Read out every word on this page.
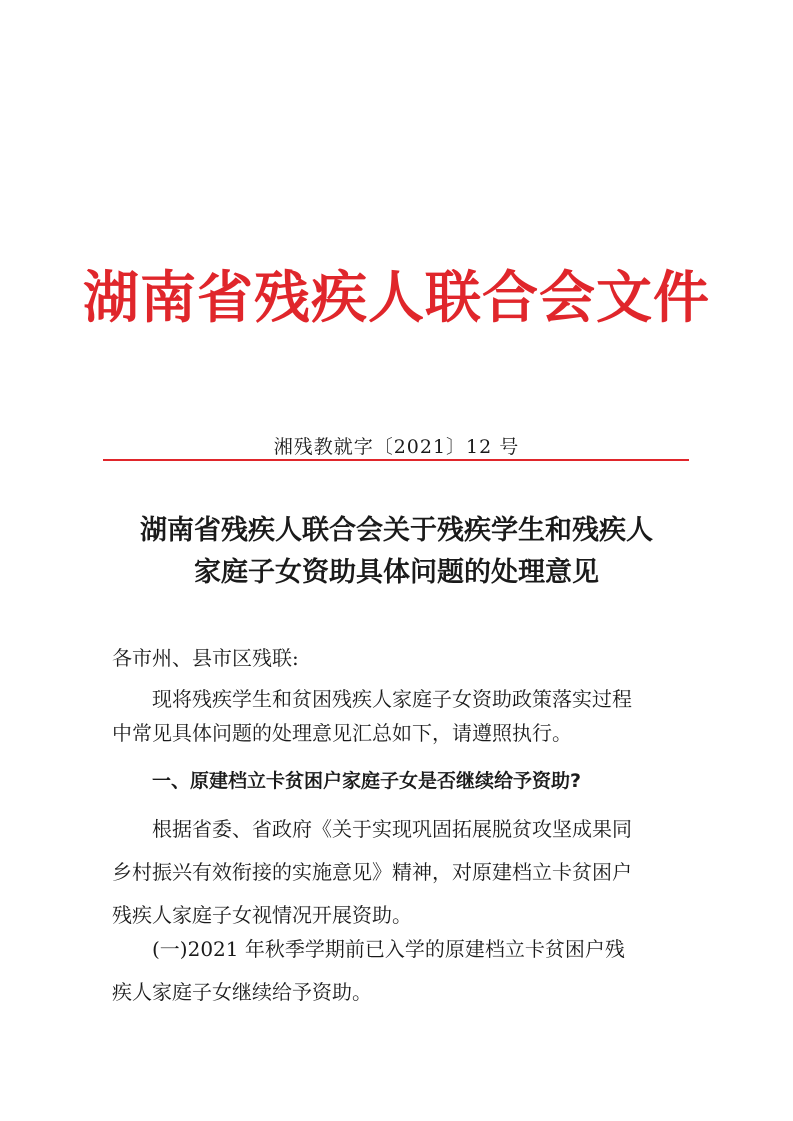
湖南省残疾人联合会文件
湘残教就字〔2021〕12 号
湖南省残疾人联合会关于残疾学生和残疾人
家庭子女资助具体问题的处理意见
各市州、县市区残联:
现将残疾学生和贫困残疾人家庭子女资助政策落实过程
中常见具体问题的处理意见汇总如下，请遵照执行。
一、原建档立卡贫困户家庭子女是否继续给予资助?
根据省委、省政府《关于实现巩固拓展脱贫攻坚成果同
乡村振兴有效衔接的实施意见》精神，对原建档立卡贫困户
残疾人家庭子女视情况开展资助。
(一)2021 年秋季学期前已入学的原建档立卡贫困户残
疾人家庭子女继续给予资助。
